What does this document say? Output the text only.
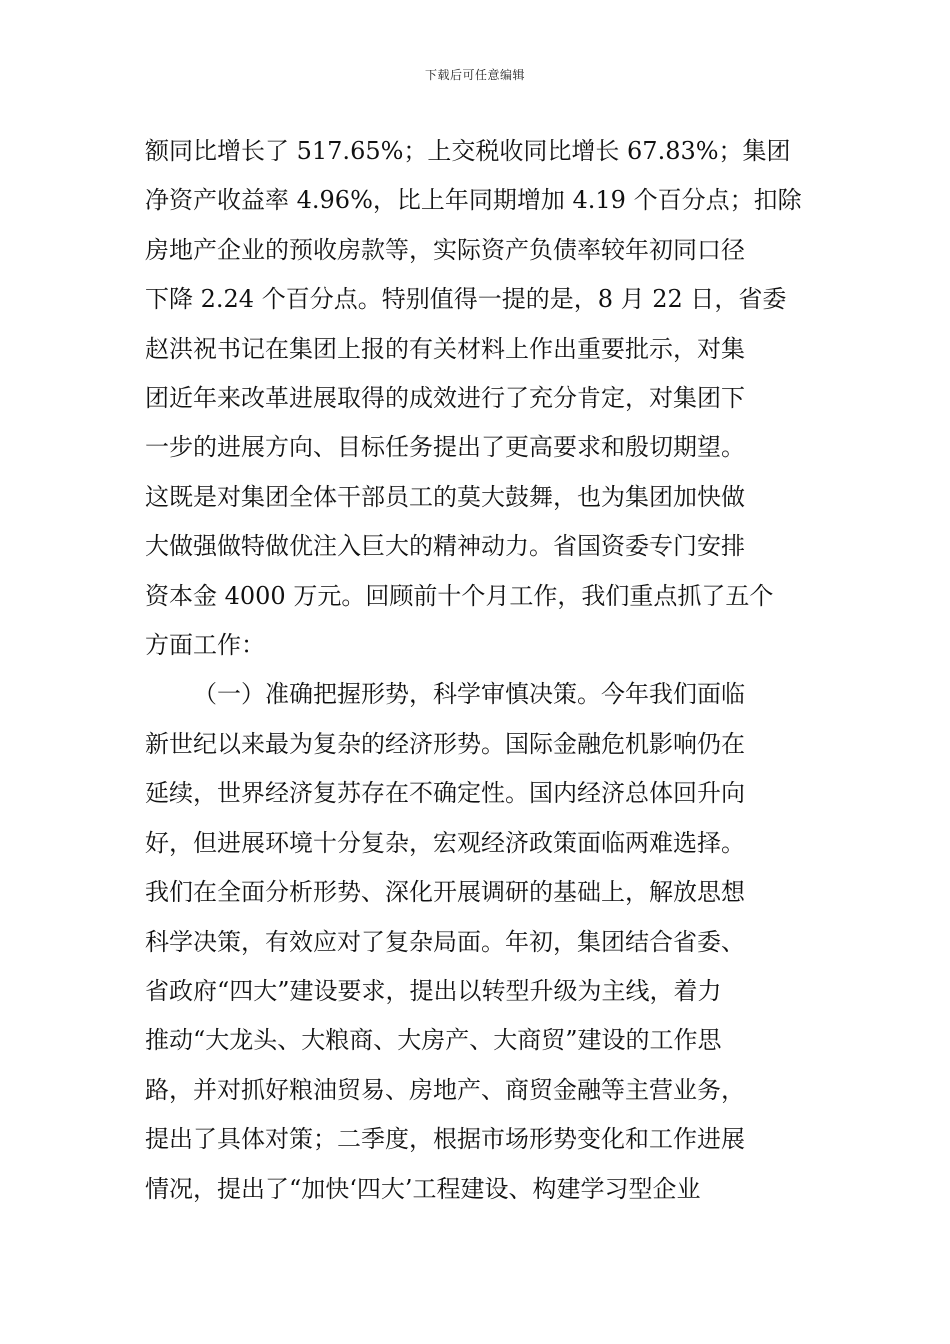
下载后可任意编辑

额同比增长了 517.65%；上交税收同比增长 67.83%；集团

净资产收益率 4.96%，比上年同期增加 4.19 个百分点；扣除

房地产企业的预收房款等，实际资产负债率较年初同口径

下降 2.24 个百分点。特别值得一提的是，8 月 22 日，省委

赵洪祝书记在集团上报的有关材料上作出重要批示，对集

团近年来改革进展取得的成效进行了充分肯定，对集团下

一步的进展方向、目标任务提出了更高要求和殷切期望。

这既是对集团全体干部员工的莫大鼓舞，也为集团加快做

大做强做特做优注入巨大的精神动力。省国资委专门安排

资本金 4000 万元。回顾前十个月工作，我们重点抓了五个

方面工作：

（一）准确把握形势，科学审慎决策。今年我们面临

新世纪以来最为复杂的经济形势。国际金融危机影响仍在

延续，世界经济复苏存在不确定性。国内经济总体回升向

好，但进展环境十分复杂，宏观经济政策面临两难选择。

我们在全面分析形势、深化开展调研的基础上，解放思想

科学决策，有效应对了复杂局面。年初，集团结合省委、

省政府“四大”建设要求，提出以转型升级为主线，着力

推动“大龙头、大粮商、大房产、大商贸”建设的工作思

路，并对抓好粮油贸易、房地产、商贸金融等主营业务，

提出了具体对策；二季度，根据市场形势变化和工作进展

情况，提出了“加快‘四大’工程建设、构建学习型企业
